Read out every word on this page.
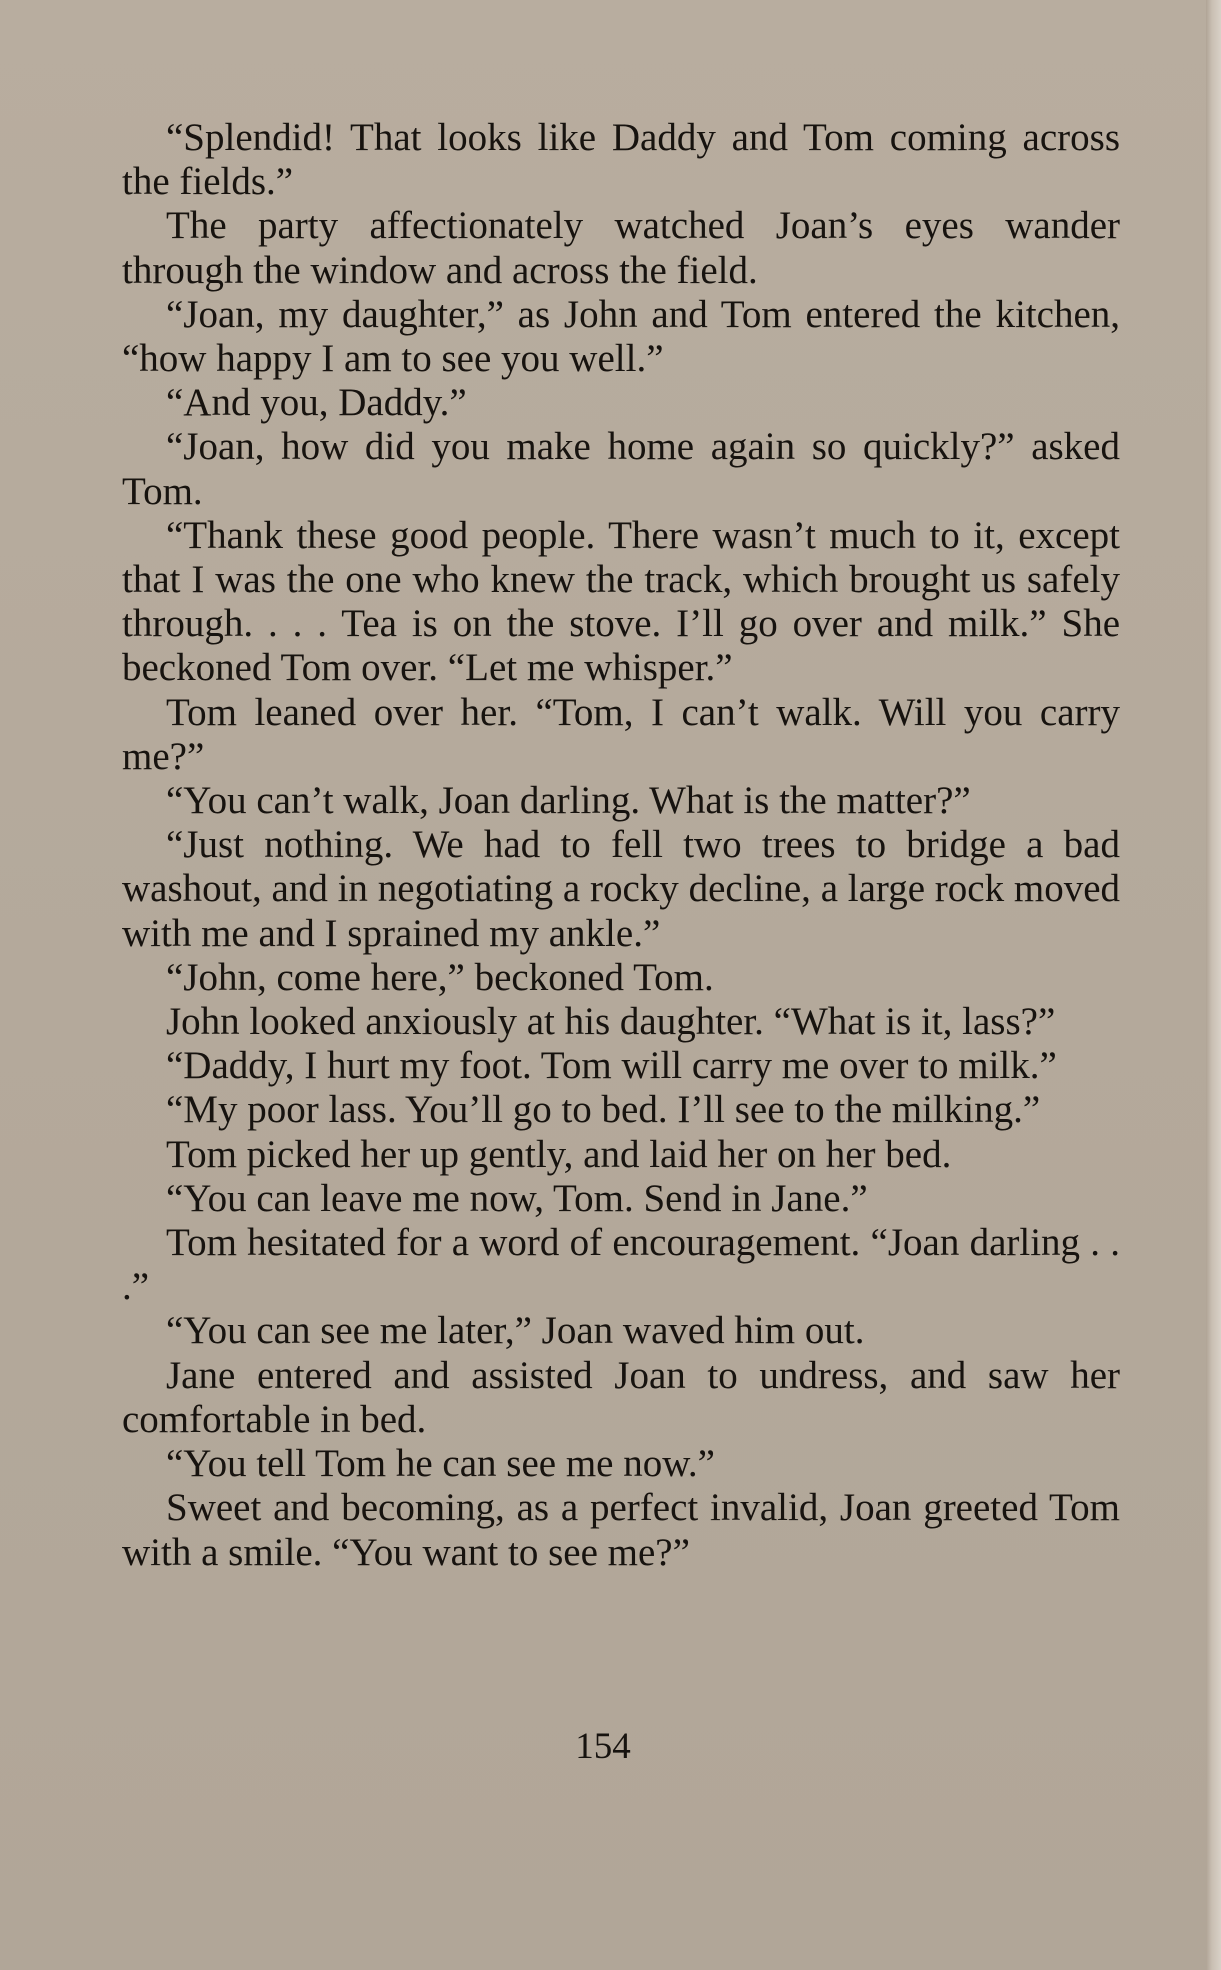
“Splendid! That looks like Daddy and Tom coming across the fields.”

The party affectionately watched Joan’s eyes wander through the window and across the field.

“Joan, my daughter,” as John and Tom entered the kitchen, “how happy I am to see you well.”

“And you, Daddy.”

“Joan, how did you make home again so quickly?” asked Tom.

“Thank these good people. There wasn’t much to it, except that I was the one who knew the track, which brought us safely through. . . . Tea is on the stove. I’ll go over and milk.” She beckoned Tom over. “Let me whisper.”

Tom leaned over her. “Tom, I can’t walk. Will you carry me?”

“You can’t walk, Joan darling. What is the matter?”

“Just nothing. We had to fell two trees to bridge a bad washout, and in negotiating a rocky decline, a large rock moved with me and I sprained my ankle.”

“John, come here,” beckoned Tom.

John looked anxiously at his daughter. “What is it, lass?”

“Daddy, I hurt my foot. Tom will carry me over to milk.”

“My poor lass. You’ll go to bed. I’ll see to the milking.”

Tom picked her up gently, and laid her on her bed.

“You can leave me now, Tom. Send in Jane.”

Tom hesitated for a word of encouragement. “Joan darling . . .”

“You can see me later,” Joan waved him out.

Jane entered and assisted Joan to undress, and saw her comfortable in bed.

“You tell Tom he can see me now.”

Sweet and becoming, as a perfect invalid, Joan greeted Tom with a smile. “You want to see me?”

154
